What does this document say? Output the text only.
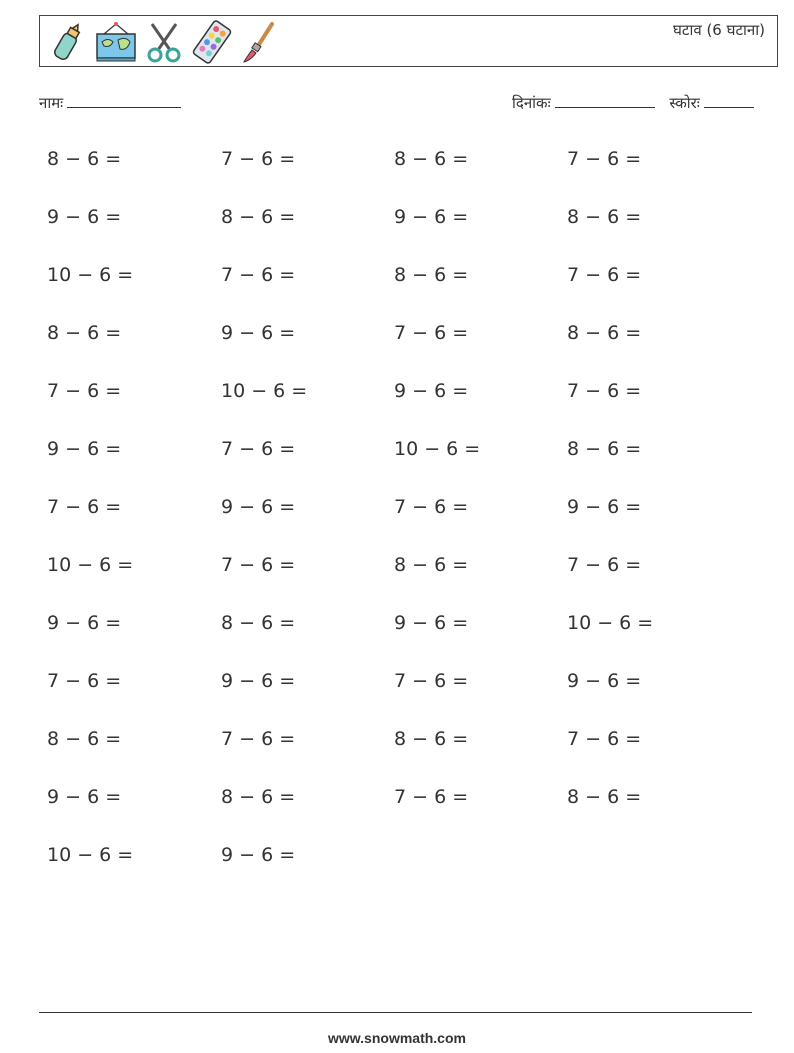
घटाव (6 घटाना)
नामः	दिनांकः	स्कोरः
8 − 6 =	7 − 6 =	8 − 6 =	7 − 6 =
9 − 6 =	8 − 6 =	9 − 6 =	8 − 6 =
10 − 6 =	7 − 6 =	8 − 6 =	7 − 6 =
8 − 6 =	9 − 6 =	7 − 6 =	8 − 6 =
7 − 6 =	10 − 6 =	9 − 6 =	7 − 6 =
9 − 6 =	7 − 6 =	10 − 6 =	8 − 6 =
7 − 6 =	9 − 6 =	7 − 6 =	9 − 6 =
10 − 6 =	7 − 6 =	8 − 6 =	7 − 6 =
9 − 6 =	8 − 6 =	9 − 6 =	10 − 6 =
7 − 6 =	9 − 6 =	7 − 6 =	9 − 6 =
8 − 6 =	7 − 6 =	8 − 6 =	7 − 6 =
9 − 6 =	8 − 6 =	7 − 6 =	8 − 6 =
10 − 6 =	9 − 6 =
www.snowmath.com
